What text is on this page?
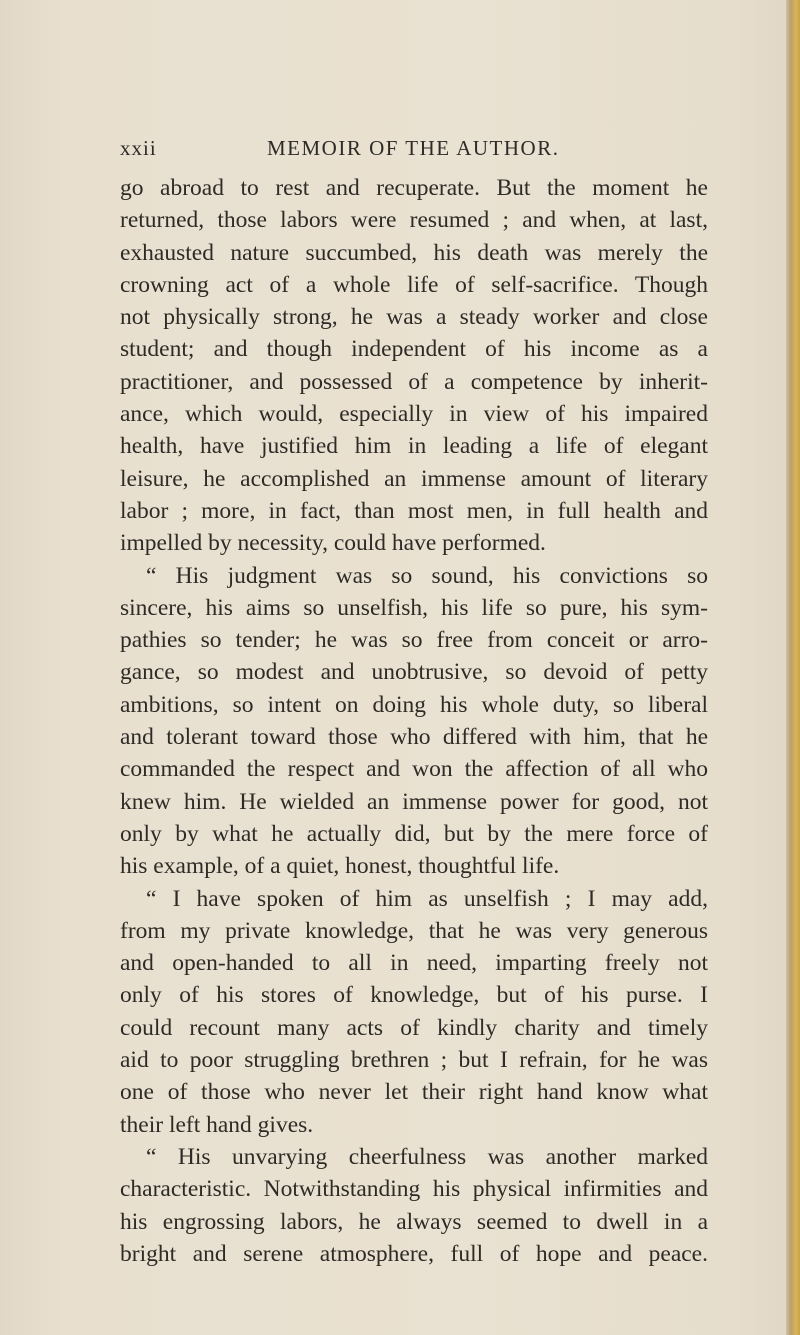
xxii	MEMOIR OF THE AUTHOR.
go abroad to rest and recuperate. But the moment he
returned, those labors were resumed ; and when, at last,
exhausted nature succumbed, his death was merely the
crowning act of a whole life of self-sacrifice. Though
not physically strong, he was a steady worker and close
student; and though independent of his income as a
practitioner, and possessed of a competence by inherit-
ance, which would, especially in view of his impaired
health, have justified him in leading a life of elegant
leisure, he accomplished an immense amount of literary
labor ; more, in fact, than most men, in full health and
impelled by necessity, could have performed.
“ His judgment was so sound, his convictions so
sincere, his aims so unselfish, his life so pure, his sym-
pathies so tender; he was so free from conceit or arro-
gance, so modest and unobtrusive, so devoid of petty
ambitions, so intent on doing his whole duty, so liberal
and tolerant toward those who differed with him, that he
commanded the respect and won the affection of all who
knew him. He wielded an immense power for good, not
only by what he actually did, but by the mere force of
his example, of a quiet, honest, thoughtful life.
“ I have spoken of him as unselfish ; I may add,
from my private knowledge, that he was very generous
and open-handed to all in need, imparting freely not
only of his stores of knowledge, but of his purse. I
could recount many acts of kindly charity and timely
aid to poor struggling brethren ; but I refrain, for he was
one of those who never let their right hand know what
their left hand gives.
“ His unvarying cheerfulness was another marked
characteristic. Notwithstanding his physical infirmities and
his engrossing labors, he always seemed to dwell in a
bright and serene atmosphere, full of hope and peace.
